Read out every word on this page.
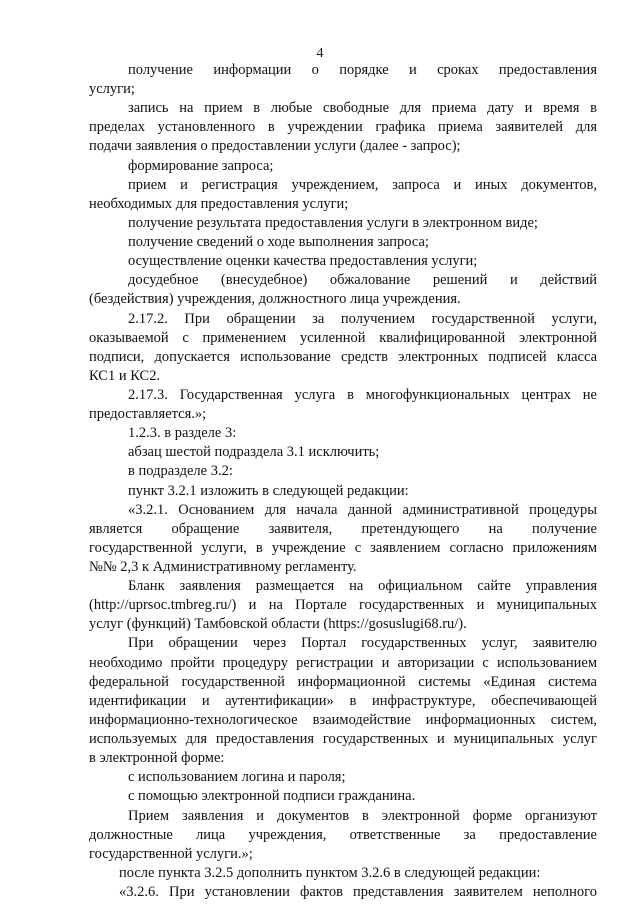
4
получение информации о порядке и сроках предоставления
услуги;
запись на прием в любые свободные для приема дату и время в
пределах установленного в учреждении графика приема заявителей для
подачи заявления о предоставлении услуги (далее - запрос);
формирование запроса;
прием и регистрация учреждением, запроса и иных документов,
необходимых для предоставления услуги;
получение результата предоставления услуги в электронном виде;
получение сведений о ходе выполнения запроса;
осуществление оценки качества предоставления услуги;
досудебное (внесудебное) обжалование решений и действий
(бездействия) учреждения, должностного лица учреждения.
2.17.2. При обращении за получением государственной услуги,
оказываемой с применением усиленной квалифицированной электронной
подписи, допускается использование средств электронных подписей класса
КС1 и КС2.
2.17.3. Государственная услуга в многофункциональных центрах не
предоставляется.»;
1.2.3. в разделе 3:
абзац шестой подраздела 3.1 исключить;
в подразделе 3.2:
пункт 3.2.1 изложить в следующей редакции:
«3.2.1. Основанием для начала данной административной процедуры
является обращение заявителя, претендующего на получение
государственной услуги, в учреждение с заявлением согласно приложениям
№№ 2,3 к Административному регламенту.
Бланк заявления размещается на официальном сайте управления
(http://uprsoc.tmbreg.ru/) и на Портале государственных и муниципальных
услуг (функций) Тамбовской области (https://gosuslugi68.ru/).
При обращении через Портал государственных услуг, заявителю
необходимо пройти процедуру регистрации и авторизации с использованием
федеральной государственной информационной системы «Единая система
идентификации и аутентификации» в инфраструктуре, обеспечивающей
информационно-технологическое взаимодействие информационных систем,
используемых для предоставления государственных и муниципальных услуг
в электронной форме:
с использованием логина и пароля;
с помощью электронной подписи гражданина.
Прием заявления и документов в электронной форме организуют
должностные лица учреждения, ответственные за предоставление
государственной услуги.»;
после пункта 3.2.5 дополнить пунктом 3.2.6 в следующей редакции:
«3.2.6. При установлении фактов представления заявителем неполного
